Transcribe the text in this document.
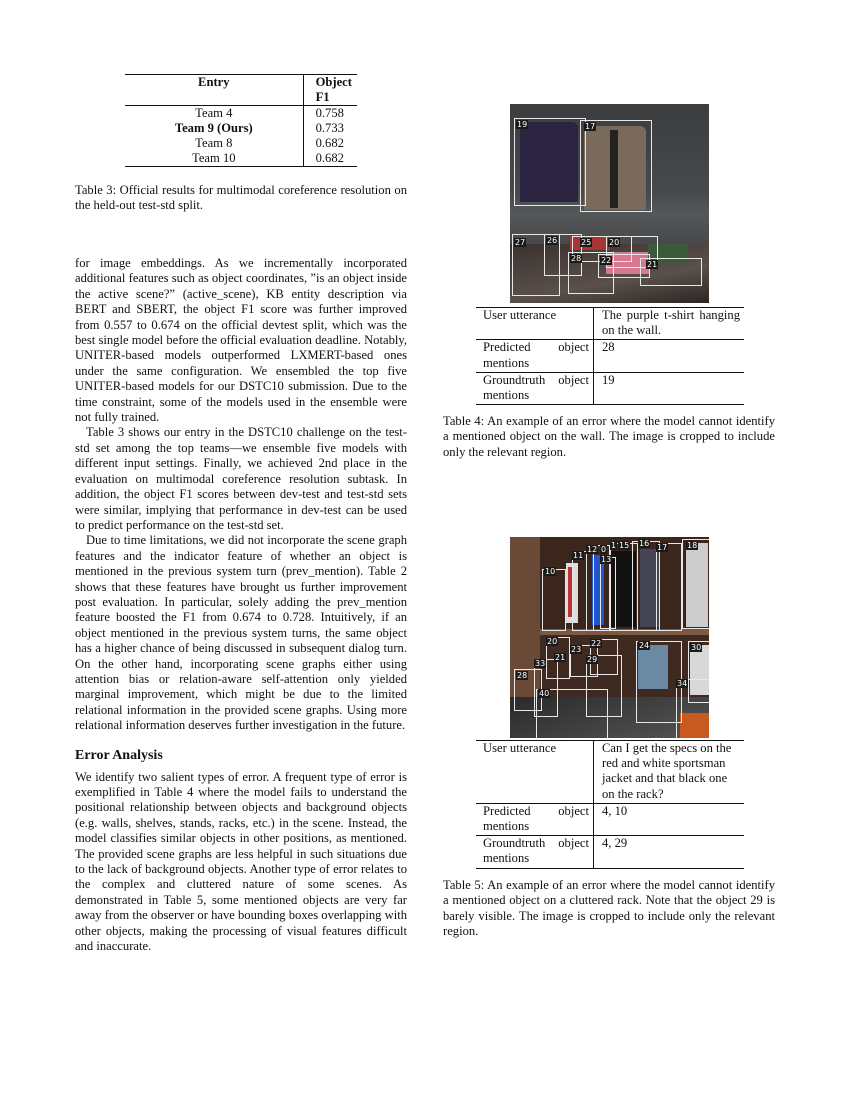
Entry	Object F1
Team 4	0.758
Team 9 (Ours)	0.733
Team 8	0.682
Team 10	0.682

Table 3: Official results for multimodal coreference resolution on the held-out test-std split.

for image embeddings. As we incrementally incorporated additional features such as object coordinates, ”is an object inside the active scene?” (active_scene), KB entity description via BERT and SBERT, the object F1 score was further improved from 0.557 to 0.674 on the official devtest split, which was the best single model before the official evaluation deadline. Notably, UNITER-based models outperformed LXMERT-based ones under the same configuration. We ensembled the top five UNITER-based models for our DSTC10 submission. Due to the time constraint, some of the models used in the ensemble were not fully trained.

Table 3 shows our entry in the DSTC10 challenge on the test-std set among the top teams—we ensemble five models with different input settings. Finally, we achieved 2nd place in the evaluation on multimodal coreference resolution subtask. In addition, the object F1 scores between dev-test and test-std sets were similar, implying that performance in dev-test can be used to predict performance on the test-std set.

Due to time limitations, we did not incorporate the scene graph features and the indicator feature of whether an object is mentioned in the previous system turn (prev_mention). Table 2 shows that these features have brought us further improvement post evaluation. In particular, solely adding the prev_mention feature boosted the F1 from 0.674 to 0.728. Intuitively, if an object mentioned in the previous system turns, the same object has a higher chance of being discussed in subsequent dialog turn. On the other hand, incorporating scene graphs either using attention bias or relation-aware self-attention only yielded marginal improvement, which might be due to the limited relational information in the provided scene graphs. Using more relational information deserves further investigation in the future.

Error Analysis

We identify two salient types of error. A frequent type of error is exemplified in Table 4 where the model fails to understand the positional relationship between objects and background objects (e.g. walls, shelves, stands, racks, etc.) in the scene. Instead, the model classifies similar objects in other positions, as mentioned. The provided scene graphs are less helpful in such situations due to the lack of background objects. Another type of error relates to the complex and cluttered nature of some scenes. As demonstrated in Table 5, some mentioned objects are very far away from the observer or have bounding boxes overlapping with other objects, making the processing of visual features difficult and inaccurate.

19	17
27	26	25 20
28 22	21
User utterance	The purple t-shirt hanging on the wall.
Predicted object mentions	28
Groundtruth object mentions	19

Table 4: An example of an error where the model cannot identify a mentioned object on the wall. The image is cropped to include only the relevant region.

12 0 1 15 16 17 18
11 13
10
20	22
23
21	29
33
24	30
28
34
40
User utterance	Can I get the specs on the red and white sportsman jacket and that black one on the rack?
Predicted object mentions	4, 10
Groundtruth object mentions	4, 29

Table 5: An example of an error where the model cannot identify a mentioned object on a cluttered rack. Note that the object 29 is barely visible. The image is cropped to include only the relevant region.
